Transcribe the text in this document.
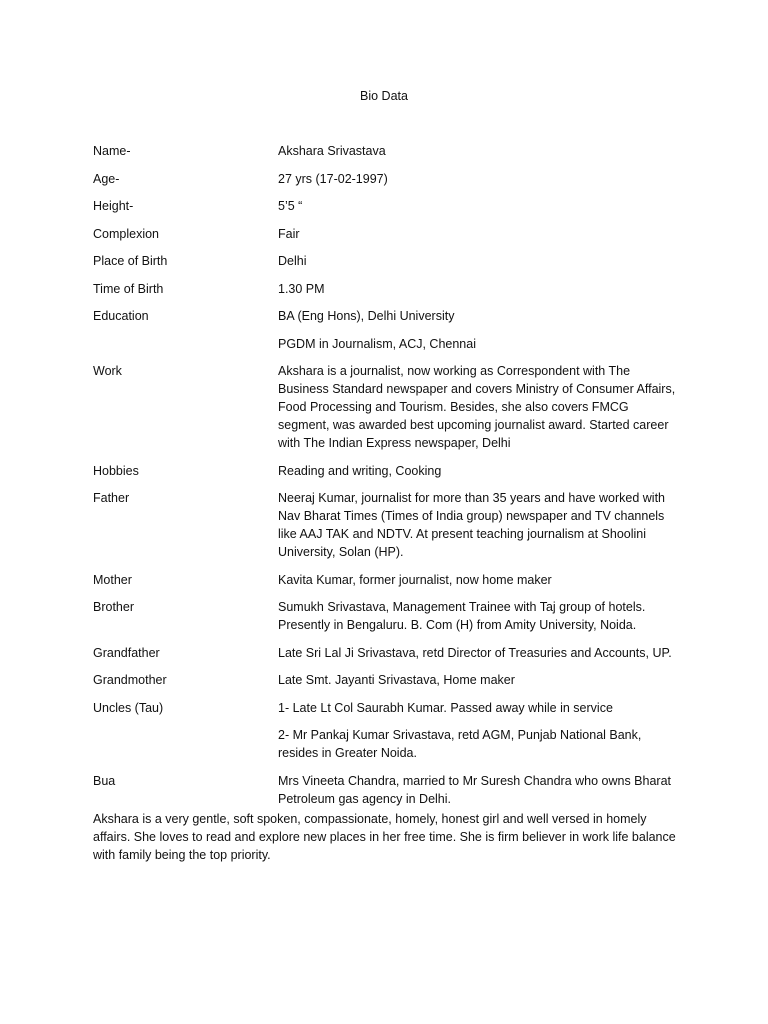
Bio Data
Name-	Akshara Srivastava
Age-	27 yrs (17-02-1997)
Height-	5’5 “
Complexion	Fair
Place of Birth	Delhi
Time of Birth	1.30 PM
Education	BA (Eng Hons), Delhi University
PGDM in Journalism, ACJ, Chennai
Work	Akshara is a journalist, now working as Correspondent with The Business Standard newspaper and covers Ministry of Consumer Affairs, Food Processing and Tourism. Besides, she also covers FMCG segment, was awarded best upcoming journalist award. Started career with The Indian Express newspaper, Delhi
Hobbies	Reading and writing, Cooking
Father	Neeraj Kumar, journalist for more than 35 years and have worked with Nav Bharat Times (Times of India group) newspaper and TV channels like AAJ TAK and NDTV. At present teaching journalism at Shoolini University, Solan (HP).
Mother	Kavita Kumar, former journalist, now home maker
Brother	Sumukh Srivastava, Management Trainee with Taj group of hotels. Presently in Bengaluru. B. Com (H) from Amity University, Noida.
Grandfather	Late Sri Lal Ji Srivastava, retd Director of Treasuries and Accounts, UP.
Grandmother	Late Smt. Jayanti Srivastava, Home maker
Uncles (Tau)	1- Late Lt Col Saurabh Kumar. Passed away while in service
2- Mr Pankaj Kumar Srivastava, retd AGM, Punjab National Bank, resides in Greater Noida.
Bua	Mrs Vineeta Chandra, married to Mr Suresh Chandra who owns Bharat Petroleum gas agency in Delhi.

Akshara is a very gentle, soft spoken, compassionate, homely, honest girl and well versed in homely affairs. She loves to read and explore new places in her free time. She is firm believer in work life balance with family being the top priority.
